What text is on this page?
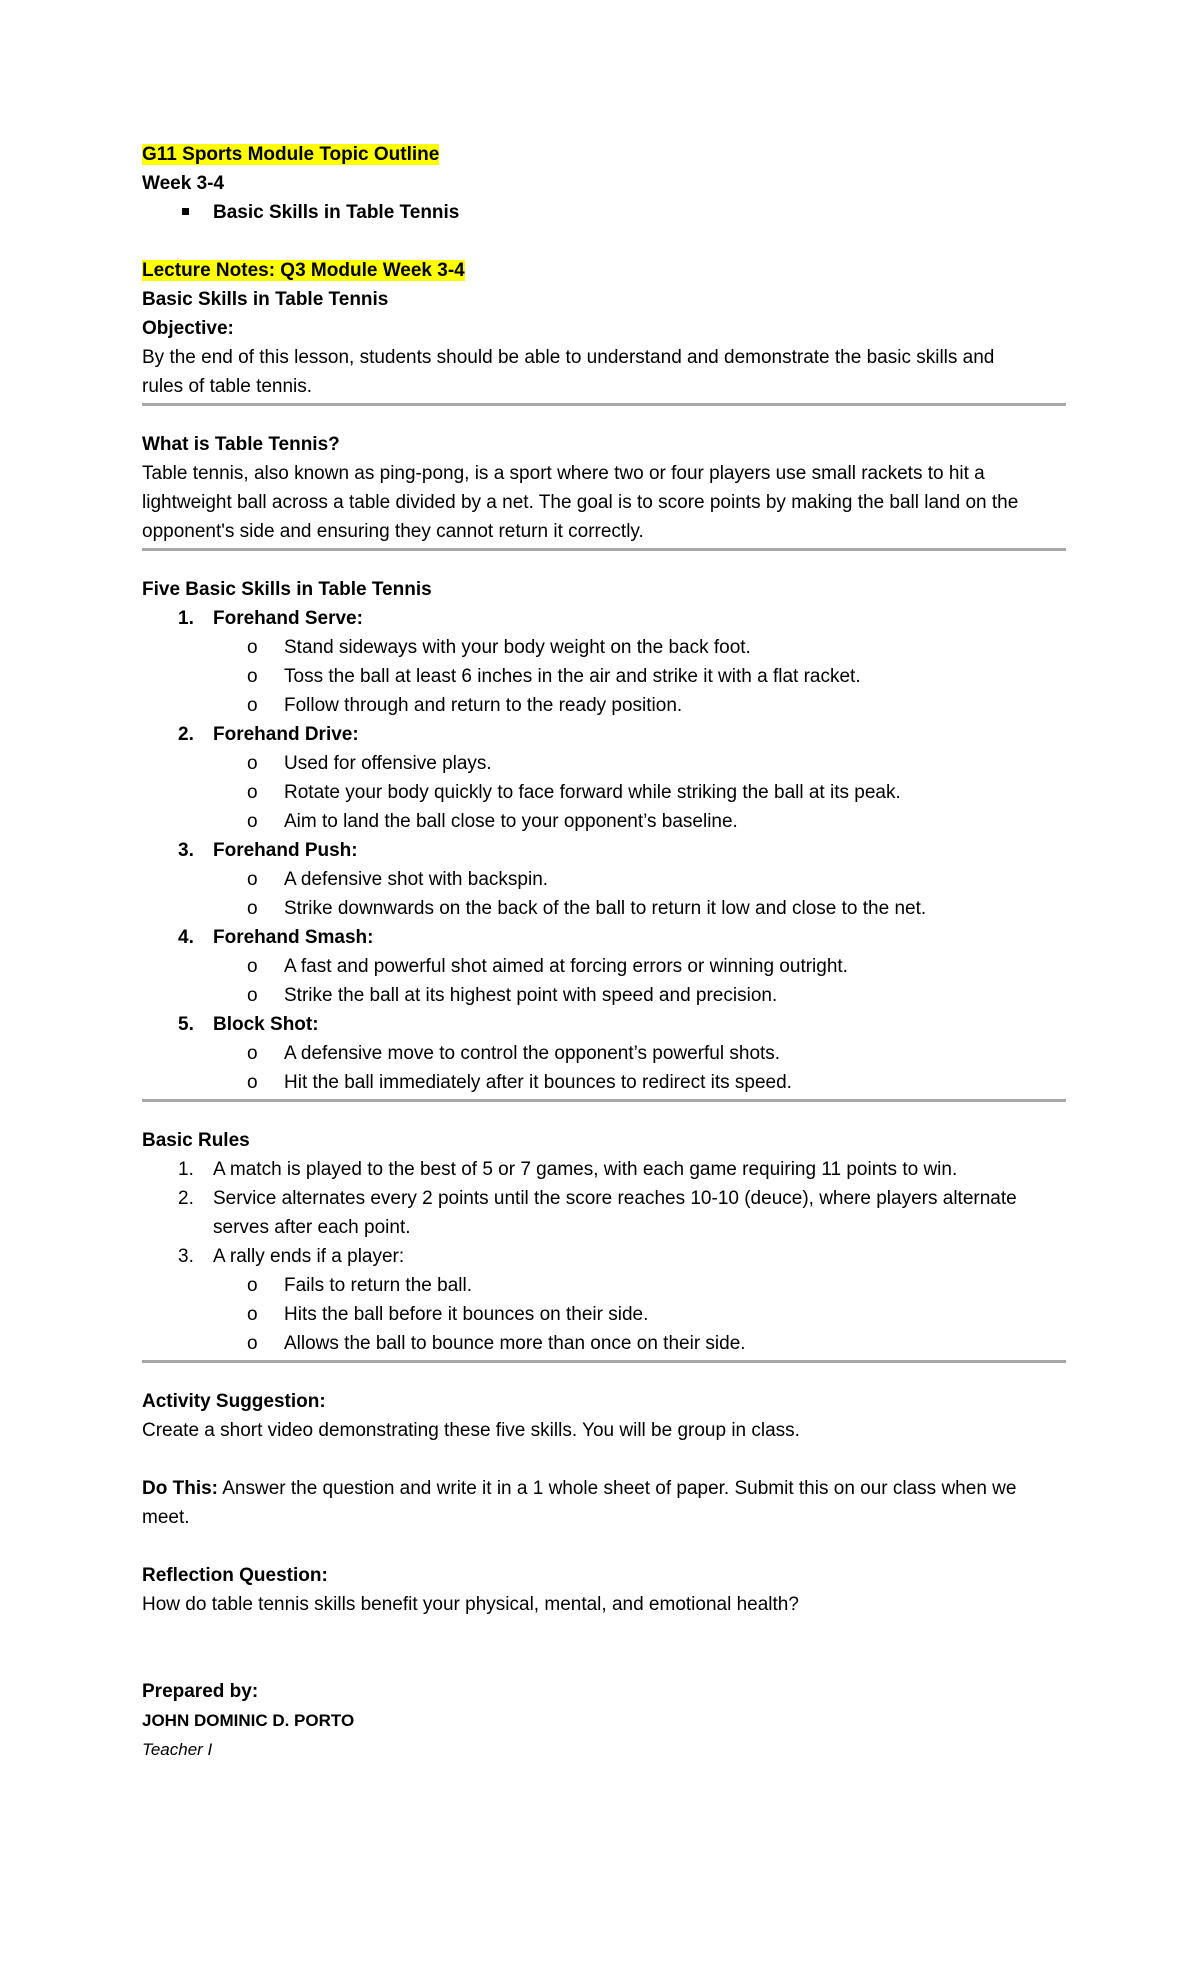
G11 Sports Module Topic Outline
Week 3-4
Basic Skills in Table Tennis
Lecture Notes: Q3 Module Week 3-4
Basic Skills in Table Tennis
Objective:
By the end of this lesson, students should be able to understand and demonstrate the basic skills and
rules of table tennis.
What is Table Tennis?
Table tennis, also known as ping-pong, is a sport where two or four players use small rackets to hit a
lightweight ball across a table divided by a net. The goal is to score points by making the ball land on the
opponent's side and ensuring they cannot return it correctly.
Five Basic Skills in Table Tennis
1. Forehand Serve:
o Stand sideways with your body weight on the back foot.
o Toss the ball at least 6 inches in the air and strike it with a flat racket.
o Follow through and return to the ready position.
2. Forehand Drive:
o Used for offensive plays.
o Rotate your body quickly to face forward while striking the ball at its peak.
o Aim to land the ball close to your opponent’s baseline.
3. Forehand Push:
o A defensive shot with backspin.
o Strike downwards on the back of the ball to return it low and close to the net.
4. Forehand Smash:
o A fast and powerful shot aimed at forcing errors or winning outright.
o Strike the ball at its highest point with speed and precision.
5. Block Shot:
o A defensive move to control the opponent’s powerful shots.
o Hit the ball immediately after it bounces to redirect its speed.
Basic Rules
1. A match is played to the best of 5 or 7 games, with each game requiring 11 points to win.
2. Service alternates every 2 points until the score reaches 10-10 (deuce), where players alternate
serves after each point.
3. A rally ends if a player:
o Fails to return the ball.
o Hits the ball before it bounces on their side.
o Allows the ball to bounce more than once on their side.
Activity Suggestion:
Create a short video demonstrating these five skills. You will be group in class.
Do This: Answer the question and write it in a 1 whole sheet of paper. Submit this on our class when we
meet.
Reflection Question:
How do table tennis skills benefit your physical, mental, and emotional health?
Prepared by:
JOHN DOMINIC D. PORTO
Teacher I
